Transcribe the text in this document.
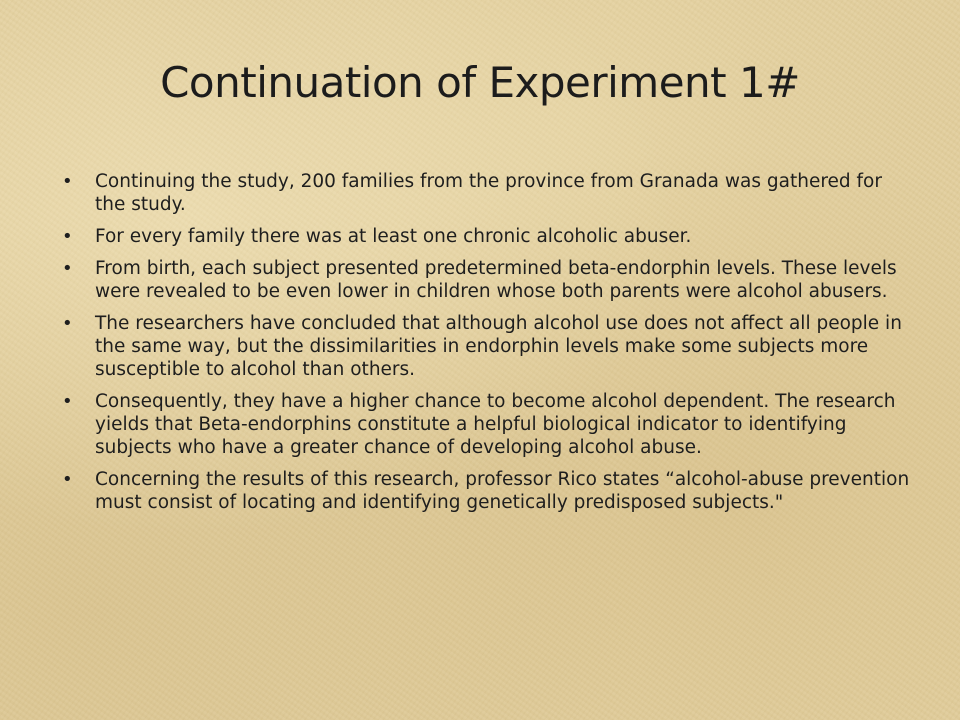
Continuation of Experiment 1#
• Continuing the study, 200 families from the province from Granada was gathered for the study.
• For every family there was at least one chronic alcoholic abuser.
• From birth, each subject presented predetermined beta-endorphin levels. These levels were revealed to be even lower in children whose both parents were alcohol abusers.
• The researchers have concluded that although alcohol use does not affect all people in the same way, but the dissimilarities in endorphin levels make some subjects more susceptible to alcohol than others.
• Consequently, they have a higher chance to become alcohol dependent. The research yields that Beta-endorphins constitute a helpful biological indicator to identifying subjects who have a greater chance of developing alcohol abuse.
• Concerning the results of this research, professor Rico states “alcohol-abuse prevention must consist of locating and identifying genetically predisposed subjects."
